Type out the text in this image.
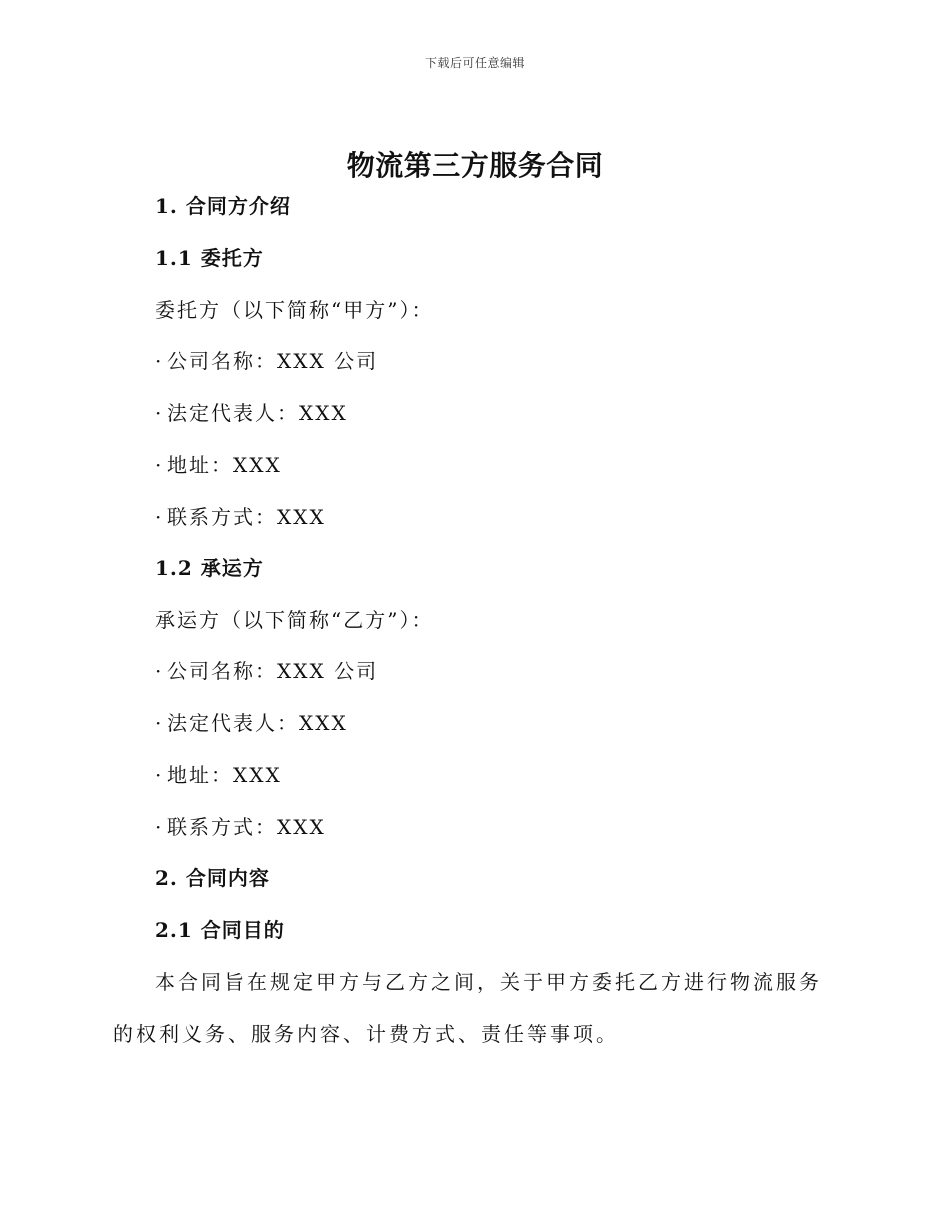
下载后可任意编辑
物流第三方服务合同
1. 合同方介绍
1.1 委托方
委托方（以下简称“甲方”）：
· 公司名称：XXX 公司
· 法定代表人：XXX
· 地址：XXX
· 联系方式：XXX
1.2 承运方
承运方（以下简称“乙方”）：
· 公司名称：XXX 公司
· 法定代表人：XXX
· 地址：XXX
· 联系方式：XXX
2. 合同内容
2.1 合同目的
本合同旨在规定甲方与乙方之间，关于甲方委托乙方进行物流服务的权利义务、服务内容、计费方式、责任等事项。
